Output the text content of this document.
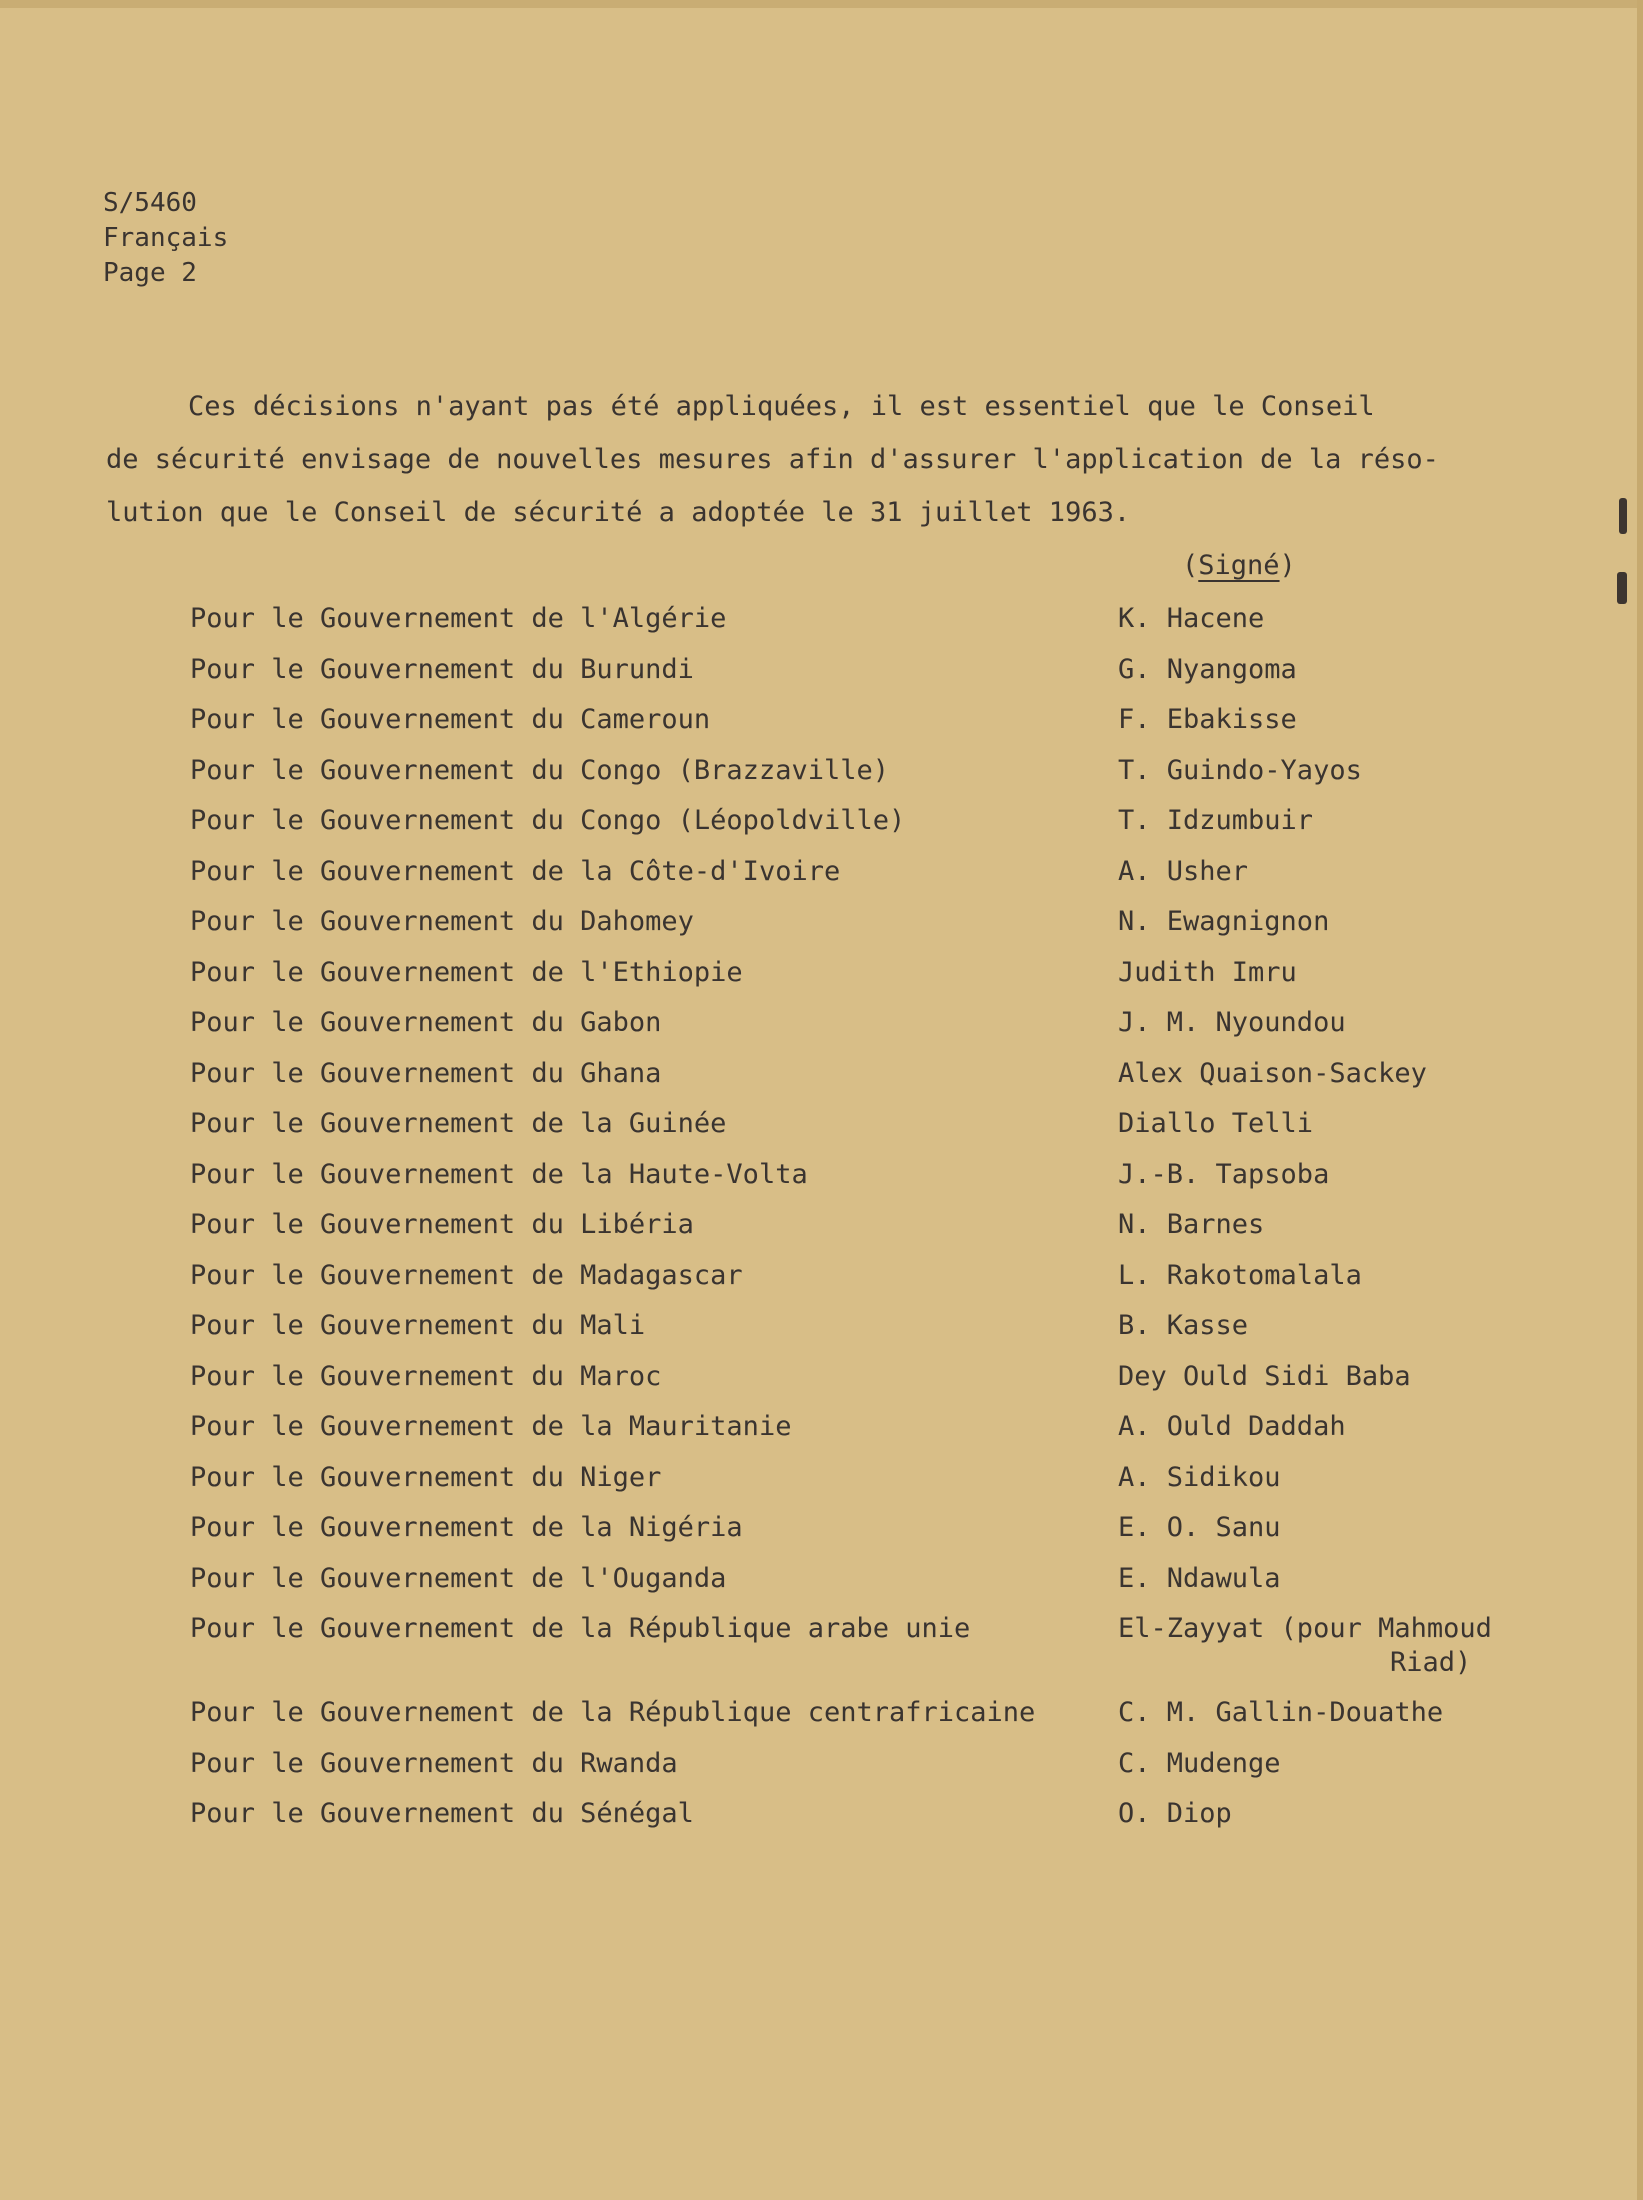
S/5460
Français
Page 2
Ces décisions n'ayant pas été appliquées, il est essentiel que le Conseil
de sécurité envisage de nouvelles mesures afin d'assurer l'application de la réso-
lution que le Conseil de sécurité a adoptée le 31 juillet 1963.
(Signé)
Pour le Gouvernement de l'Algérie	K. Hacene
Pour le Gouvernement du Burundi	G. Nyangoma
Pour le Gouvernement du Cameroun	F. Ebakisse
Pour le Gouvernement du Congo (Brazzaville)	T. Guindo-Yayos
Pour le Gouvernement du Congo (Léopoldville)	T. Idzumbuir
Pour le Gouvernement de la Côte-d'Ivoire	A. Usher
Pour le Gouvernement du Dahomey	N. Ewagnignon
Pour le Gouvernement de l'Ethiopie	Judith Imru
Pour le Gouvernement du Gabon	J. M. Nyoundou
Pour le Gouvernement du Ghana	Alex Quaison-Sackey
Pour le Gouvernement de la Guinée	Diallo Telli
Pour le Gouvernement de la Haute-Volta	J.-B. Tapsoba
Pour le Gouvernement du Libéria	N. Barnes
Pour le Gouvernement de Madagascar	L. Rakotomalala
Pour le Gouvernement du Mali	B. Kasse
Pour le Gouvernement du Maroc	Dey Ould Sidi Baba
Pour le Gouvernement de la Mauritanie	A. Ould Daddah
Pour le Gouvernement du Niger	A. Sidikou
Pour le Gouvernement de la Nigéria	E. O. Sanu
Pour le Gouvernement de l'Ouganda	E. Ndawula
Pour le Gouvernement de la République arabe unie	El-Zayyat (pour Mahmoud
Riad)
Pour le Gouvernement de la République centrafricaine	C. M. Gallin-Douathe
Pour le Gouvernement du Rwanda	C. Mudenge
Pour le Gouvernement du Sénégal	O. Diop
